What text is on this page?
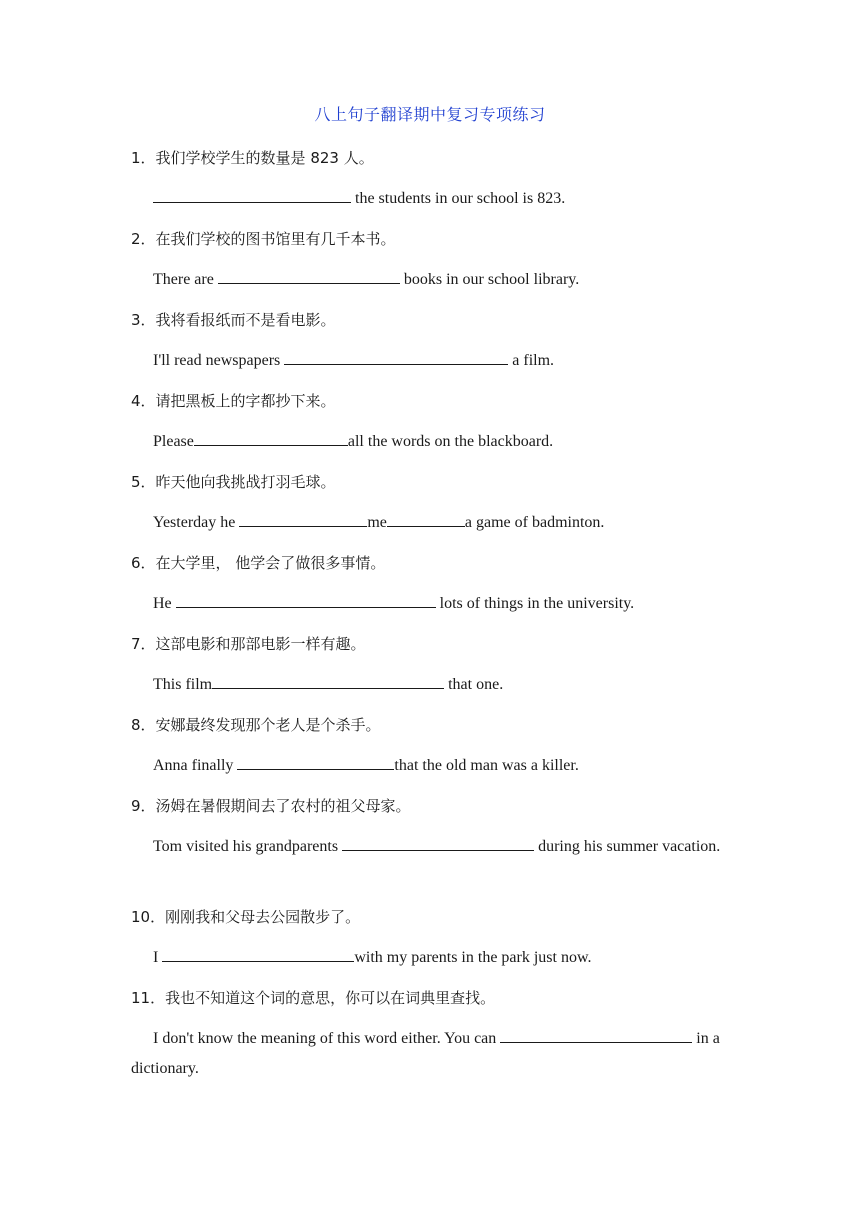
八上句子翻译期中复习专项练习
1．我们学校学生的数量是 823 人。
the students in our school is 823.
2．在我们学校的图书馆里有几千本书。
There are	books in our school library.
3．我将看报纸而不是看电影。
I'll read newspapers	a film.
4．请把黑板上的字都抄下来。
Please	all the words on the blackboard.
5．昨天他向我挑战打羽毛球。
Yesterday he	me	a game of badminton.
6．在大学里， 他学会了做很多事情。
He	lots of things in the university.
7．这部电影和那部电影一样有趣。
This film	that one.
8．安娜最终发现那个老人是个杀手。
Anna finally	that the old man was a killer.
9．汤姆在暑假期间去了农村的祖父母家。
Tom visited his grandparents	during his summer vacation.
10．刚刚我和父母去公园散步了。
I	with my parents in the park just now.
11．我也不知道这个词的意思，你可以在词典里查找。
I don't know the meaning of this word either. You can	in a dictionary.
